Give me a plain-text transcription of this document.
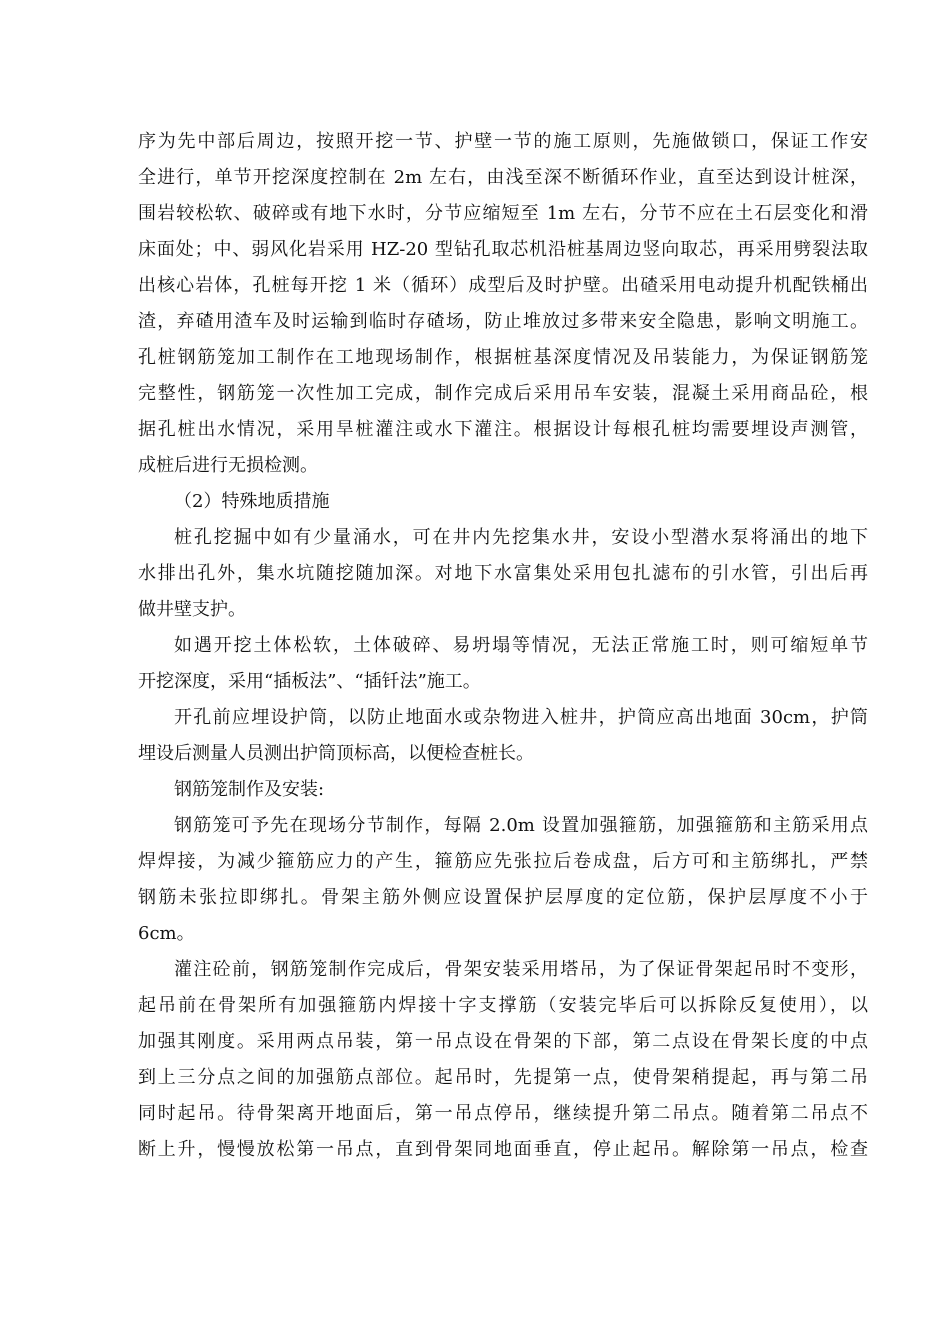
序为先中部后周边，按照开挖一节、护壁一节的施工原则，先施做锁口，保证工作安
全进行，单节开挖深度控制在 2m 左右，由浅至深不断循环作业，直至达到设计桩深，
围岩较松软、破碎或有地下水时，分节应缩短至 1m 左右，分节不应在土石层变化和滑
床面处；中、弱风化岩采用 HZ-20 型钻孔取芯机沿桩基周边竖向取芯，再采用劈裂法取
出核心岩体，孔桩每开挖 1 米（循环）成型后及时护壁。出碴采用电动提升机配铁桶出
渣，弃碴用渣车及时运输到临时存碴场，防止堆放过多带来安全隐患，影响文明施工。
孔桩钢筋笼加工制作在工地现场制作，根据桩基深度情况及吊装能力，为保证钢筋笼
完整性，钢筋笼一次性加工完成，制作完成后采用吊车安装，混凝土采用商品砼，根
据孔桩出水情况，采用旱桩灌注或水下灌注。根据设计每根孔桩均需要埋设声测管，
成桩后进行无损检测。
（2）特殊地质措施
桩孔挖掘中如有少量涌水，可在井内先挖集水井，安设小型潜水泵将涌出的地下
水排出孔外，集水坑随挖随加深。对地下水富集处采用包扎滤布的引水管，引出后再
做井壁支护。
如遇开挖土体松软，土体破碎、易坍塌等情况，无法正常施工时，则可缩短单节
开挖深度，采用“插板法”、“插钎法”施工。
开孔前应埋设护筒，以防止地面水或杂物进入桩井，护筒应高出地面 30cm，护筒
埋设后测量人员测出护筒顶标高，以便检查桩长。
钢筋笼制作及安装:
钢筋笼可予先在现场分节制作，每隔 2.0m 设置加强箍筋，加强箍筋和主筋采用点
焊焊接，为减少箍筋应力的产生，箍筋应先张拉后卷成盘，后方可和主筋绑扎，严禁
钢筋未张拉即绑扎。骨架主筋外侧应设置保护层厚度的定位筋，保护层厚度不小于
6cm。
灌注砼前，钢筋笼制作完成后，骨架安装采用塔吊，为了保证骨架起吊时不变形，
起吊前在骨架所有加强箍筋内焊接十字支撑筋（安装完毕后可以拆除反复使用），以
加强其刚度。采用两点吊装，第一吊点设在骨架的下部，第二点设在骨架长度的中点
到上三分点之间的加强筋点部位。起吊时，先提第一点，使骨架稍提起，再与第二吊
同时起吊。待骨架离开地面后，第一吊点停吊，继续提升第二吊点。随着第二吊点不
断上升，慢慢放松第一吊点，直到骨架同地面垂直，停止起吊。解除第一吊点，检查
